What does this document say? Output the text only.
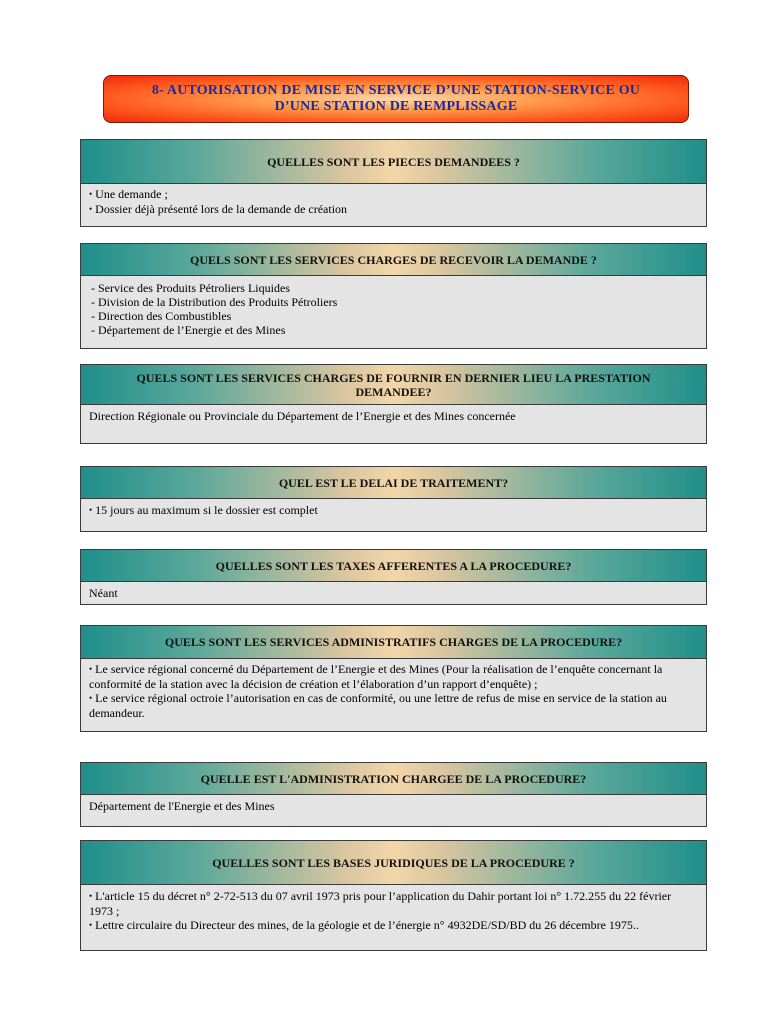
8- AUTORISATION DE MISE EN SERVICE D’UNE STATION-SERVICE OU
D’UNE STATION DE REMPLISSAGE
QUELLES SONT LES PIECES DEMANDEES ?
• Une demande ;
• Dossier déjà présenté lors de la demande de création
QUELS SONT LES SERVICES CHARGES DE RECEVOIR LA DEMANDE ?
- Service des Produits Pétroliers Liquides
- Division de la Distribution des Produits Pétroliers
- Direction des Combustibles
- Département de l’Energie et des Mines
QUELS SONT LES SERVICES CHARGES DE FOURNIR EN DERNIER LIEU LA PRESTATION DEMANDEE?
Direction Régionale ou Provinciale du Département de l’Energie et des Mines concernée
QUEL EST LE DELAI DE TRAITEMENT?
• 15 jours au maximum si le dossier est complet
QUELLES SONT LES TAXES AFFERENTES A LA PROCEDURE?
Néant
QUELS SONT LES SERVICES ADMINISTRATIFS CHARGES DE LA PROCEDURE?
• Le service régional concerné du Département de l’Energie et des Mines (Pour la réalisation de l’enquête concernant la conformité de la station avec la décision de création et l’élaboration d’un rapport d’enquête) ;
• Le service régional octroie l’autorisation en cas de conformité, ou une lettre de refus de mise en service de la station au demandeur.
QUELLE EST L'ADMINISTRATION CHARGEE DE LA PROCEDURE?
Département de l'Energie et des Mines
QUELLES SONT LES BASES JURIDIQUES DE LA PROCEDURE ?
• L'article 15 du décret n° 2-72-513 du 07 avril 1973 pris pour l’application du Dahir portant loi n° 1.72.255 du 22 février 1973 ;
• Lettre circulaire du Directeur des mines, de la géologie et de l’énergie n° 4932DE/SD/BD du 26 décembre 1975..
